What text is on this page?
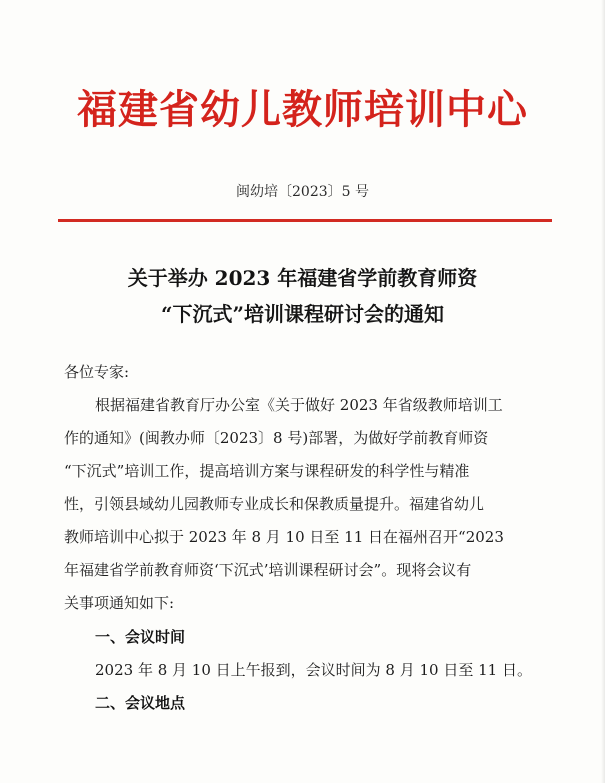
福建省幼儿教师培训中心
闽幼培〔2023〕5 号
关于举办 2023 年福建省学前教育师资
“下沉式”培训课程研讨会的通知
各位专家:
根据福建省教育厅办公室《关于做好 2023 年省级教师培训工
作的通知》(闽教办师〔2023〕8 号)部署，为做好学前教育师资
“下沉式”培训工作，提高培训方案与课程研发的科学性与精准
性，引领县域幼儿园教师专业成长和保教质量提升。福建省幼儿
教师培训中心拟于 2023 年 8 月 10 日至 11 日在福州召开“2023
年福建省学前教育师资‘下沉式’培训课程研讨会”。现将会议有
关事项通知如下:
一、会议时间
2023 年 8 月 10 日上午报到，会议时间为 8 月 10 日至 11 日。
二、会议地点
